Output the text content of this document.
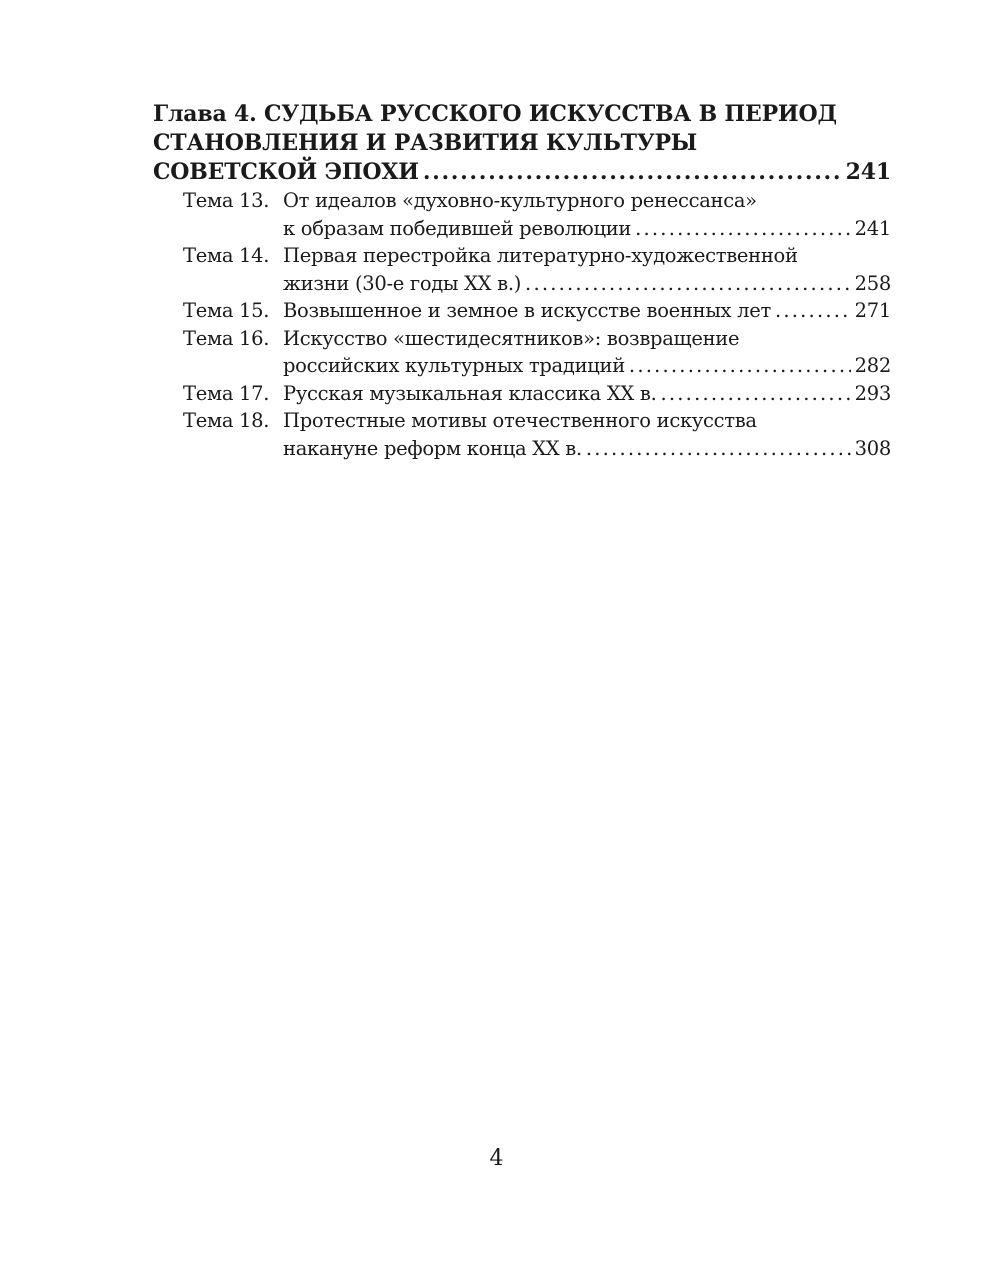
Глава 4. СУДЬБА РУССКОГО ИСКУССТВА В ПЕРИОД
СТАНОВЛЕНИЯ И РАЗВИТИЯ КУЛЬТУРЫ
СОВЕТСКОЙ ЭПОХИ . . .	241
Тема 13. От идеалов «духовно-культурного ренессанса»
к образам победившей революции . . .	241
Тема 14. Первая перестройка литературно-художественной
жизни (30-е годы XX в.) . . .	258
Тема 15. Возвышенное и земное в искусстве военных лет . . .	271
Тема 16. Искусство «шестидесятников»: возвращение
российских культурных традиций . . .	282
Тема 17. Русская музыкальная классика XX в. . . .	293
Тема 18. Протестные мотивы отечественного искусства
накануне реформ конца XX в. . . .	308
4
